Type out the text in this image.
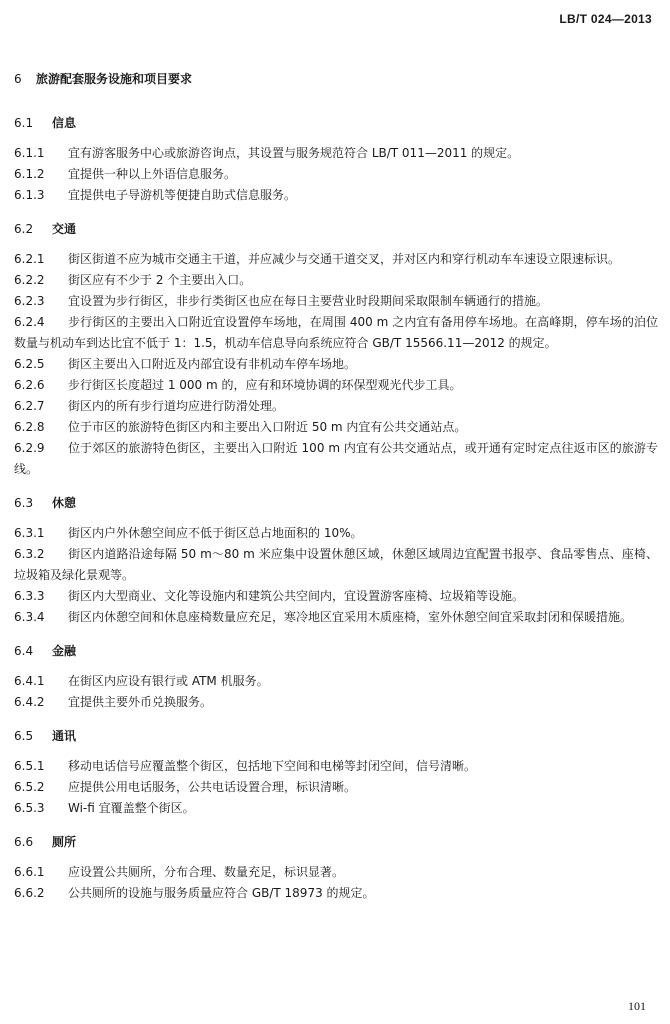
LB/T 024—2013
6 旅游配套服务设施和项目要求
6.1 信息
6.1.1 宜有游客服务中心或旅游咨询点，其设置与服务规范符合 LB/T 011—2011 的规定。
6.1.2 宜提供一种以上外语信息服务。
6.1.3 宜提供电子导游机等便捷自助式信息服务。
6.2 交通
6.2.1 街区街道不应为城市交通主干道，并应减少与交通干道交叉，并对区内和穿行机动车车速设立限速标识。
6.2.2 街区应有不少于 2 个主要出入口。
6.2.3 宜设置为步行街区，非步行类街区也应在每日主要营业时段期间采取限制车辆通行的措施。
6.2.4 步行街区的主要出入口附近宜设置停车场地，在周围 400 m 之内宜有备用停车场地。在高峰期，停车场的泊位数量与机动车到达比宜不低于 1：1.5，机动车信息导向系统应符合 GB/T 15566.11—2012 的规定。
6.2.5 街区主要出入口附近及内部宜设有非机动车停车场地。
6.2.6 步行街区长度超过 1 000 m 的，应有和环境协调的环保型观光代步工具。
6.2.7 街区内的所有步行道均应进行防滑处理。
6.2.8 位于市区的旅游特色街区内和主要出入口附近 50 m 内宜有公共交通站点。
6.2.9 位于郊区的旅游特色街区，主要出入口附近 100 m 内宜有公共交通站点，或开通有定时定点往返市区的旅游专线。
6.3 休憩
6.3.1 街区内户外休憩空间应不低于街区总占地面积的 10%。
6.3.2 街区内道路沿途每隔 50 m～80 m 米应集中设置休憩区域，休憩区域周边宜配置书报亭、食品零售点、座椅、垃圾箱及绿化景观等。
6.3.3 街区内大型商业、文化等设施内和建筑公共空间内，宜设置游客座椅、垃圾箱等设施。
6.3.4 街区内休憩空间和休息座椅数量应充足，寒冷地区宜采用木质座椅，室外休憩空间宜采取封闭和保暖措施。
6.4 金融
6.4.1 在街区内应设有银行或 ATM 机服务。
6.4.2 宜提供主要外币兑换服务。
6.5 通讯
6.5.1 移动电话信号应覆盖整个街区，包括地下空间和电梯等封闭空间，信号清晰。
6.5.2 应提供公用电话服务，公共电话设置合理，标识清晰。
6.5.3 Wi-fi 宜覆盖整个街区。
6.6 厕所
6.6.1 应设置公共厕所，分布合理、数量充足，标识显著。
6.6.2 公共厕所的设施与服务质量应符合 GB/T 18973 的规定。
101
